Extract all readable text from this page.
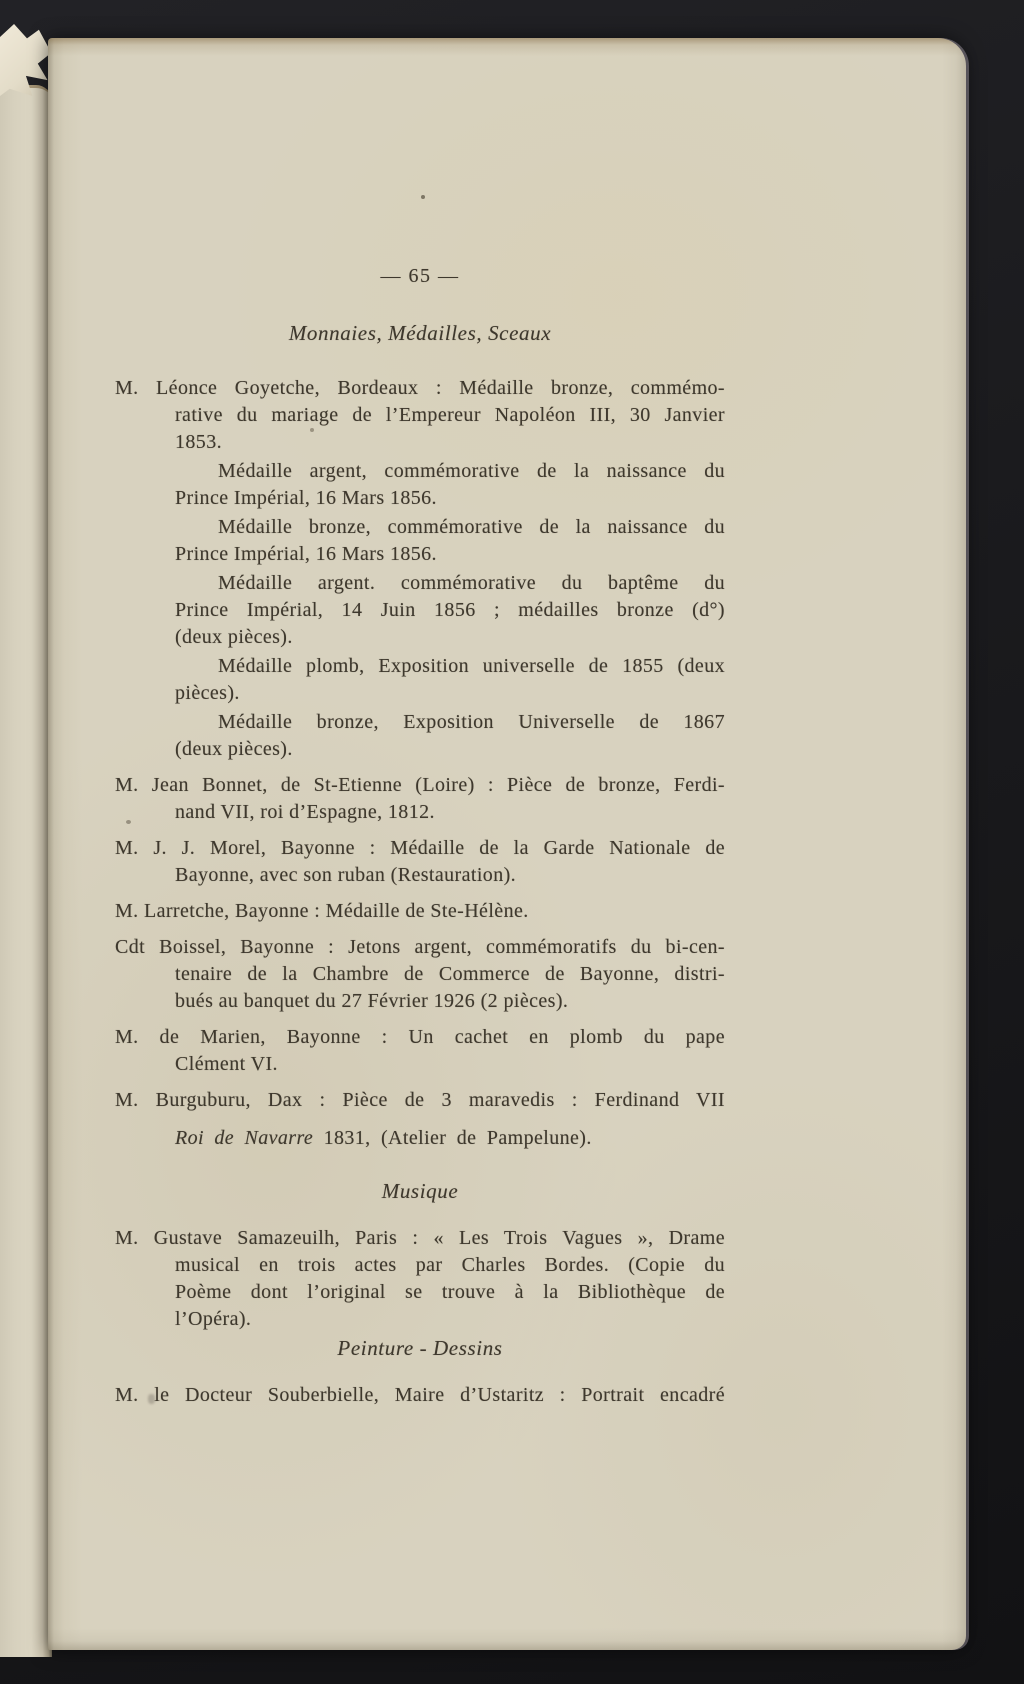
— 65 —
Monnaies, Médailles, Sceaux
M. Léonce Goyetche, Bordeaux : Médaille bronze, commémo-
rative du mariage de l’Empereur Napoléon III, 30 Janvier
1853.
Médaille argent, commémorative de la naissance du
Prince Impérial, 16 Mars 1856.
Médaille bronze, commémorative de la naissance du
Prince Impérial, 16 Mars 1856.
Médaille argent. commémorative du baptême du
Prince Impérial, 14 Juin 1856 ; médailles bronze (d°)
(deux pièces).
Médaille plomb, Exposition universelle de 1855 (deux
pièces).
Médaille bronze, Exposition Universelle de 1867
(deux pièces).
M. Jean Bonnet, de St-Etienne (Loire) : Pièce de bronze, Ferdi-
nand VII, roi d’Espagne, 1812.
M. J. J. Morel, Bayonne : Médaille de la Garde Nationale de
Bayonne, avec son ruban (Restauration).
M. Larretche, Bayonne : Médaille de Ste-Hélène.
Cdt Boissel, Bayonne : Jetons argent, commémoratifs du bi-cen-
tenaire de la Chambre de Commerce de Bayonne, distri-
bués au banquet du 27 Février 1926 (2 pièces).
M. de Marien, Bayonne : Un cachet en plomb du pape
Clément VI.
M. Burguburu, Dax : Pièce de 3 maravedis : Ferdinand VII
Roi de Navarre 1831, (Atelier de Pampelune).
Musique
M. Gustave Samazeuilh, Paris : « Les Trois Vagues », Drame
musical en trois actes par Charles Bordes. (Copie du
Poème dont l’original se trouve à la Bibliothèque de
l’Opéra).
Peinture - Dessins
M. le Docteur Souberbielle, Maire d’Ustaritz : Portrait encadré
